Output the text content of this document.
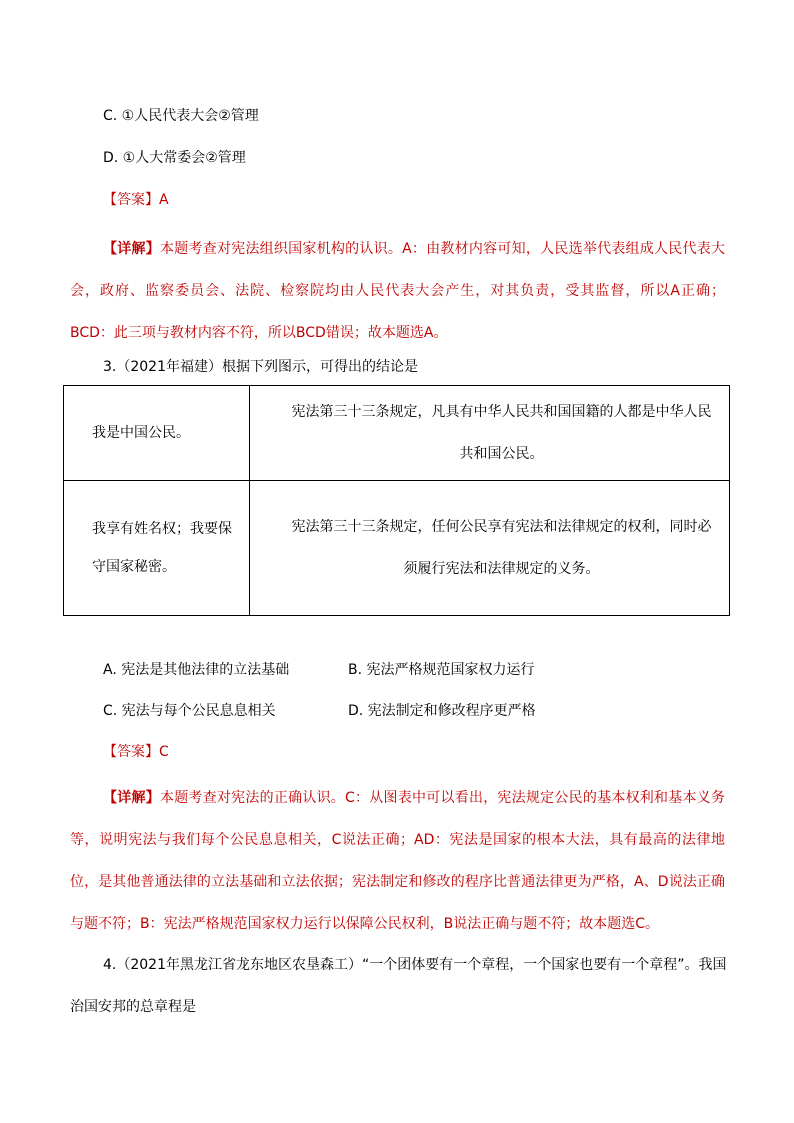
C. ①人民代表大会②管理
D. ①人大常委会②管理
【答案】A
【详解】本题考查对宪法组织国家机构的认识。A：由教材内容可知，人民选举代表组成人民代表大会，政府、监察委员会、法院、检察院均由人民代表大会产生，对其负责，受其监督，所以A正确；BCD：此三项与教材内容不符，所以BCD错误；故本题选A。
3.（2021年福建）根据下列图示，可得出的结论是
我是中国公民。	宪法第三十三条规定，凡具有中华人民共和国国籍的人都是中华人民共和国公民。
我享有姓名权；我要保守国家秘密。	宪法第三十三条规定，任何公民享有宪法和法律规定的权利，同时必须履行宪法和法律规定的义务。
A. 宪法是其他法律的立法基础	B. 宪法严格规范国家权力运行
C. 宪法与每个公民息息相关	D. 宪法制定和修改程序更严格
【答案】C
【详解】本题考查对宪法的正确认识。C：从图表中可以看出，宪法规定公民的基本权利和基本义务等，说明宪法与我们每个公民息息相关，C说法正确；AD：宪法是国家的根本大法，具有最高的法律地位，是其他普通法律的立法基础和立法依据；宪法制定和修改的程序比普通法律更为严格，A、D说法正确与题不符；B：宪法严格规范国家权力运行以保障公民权利，B说法正确与题不符；故本题选C。
4.（2021年黑龙江省龙东地区农垦森工）“一个团体要有一个章程，一个国家也要有一个章程”。我国治国安邦的总章程是
